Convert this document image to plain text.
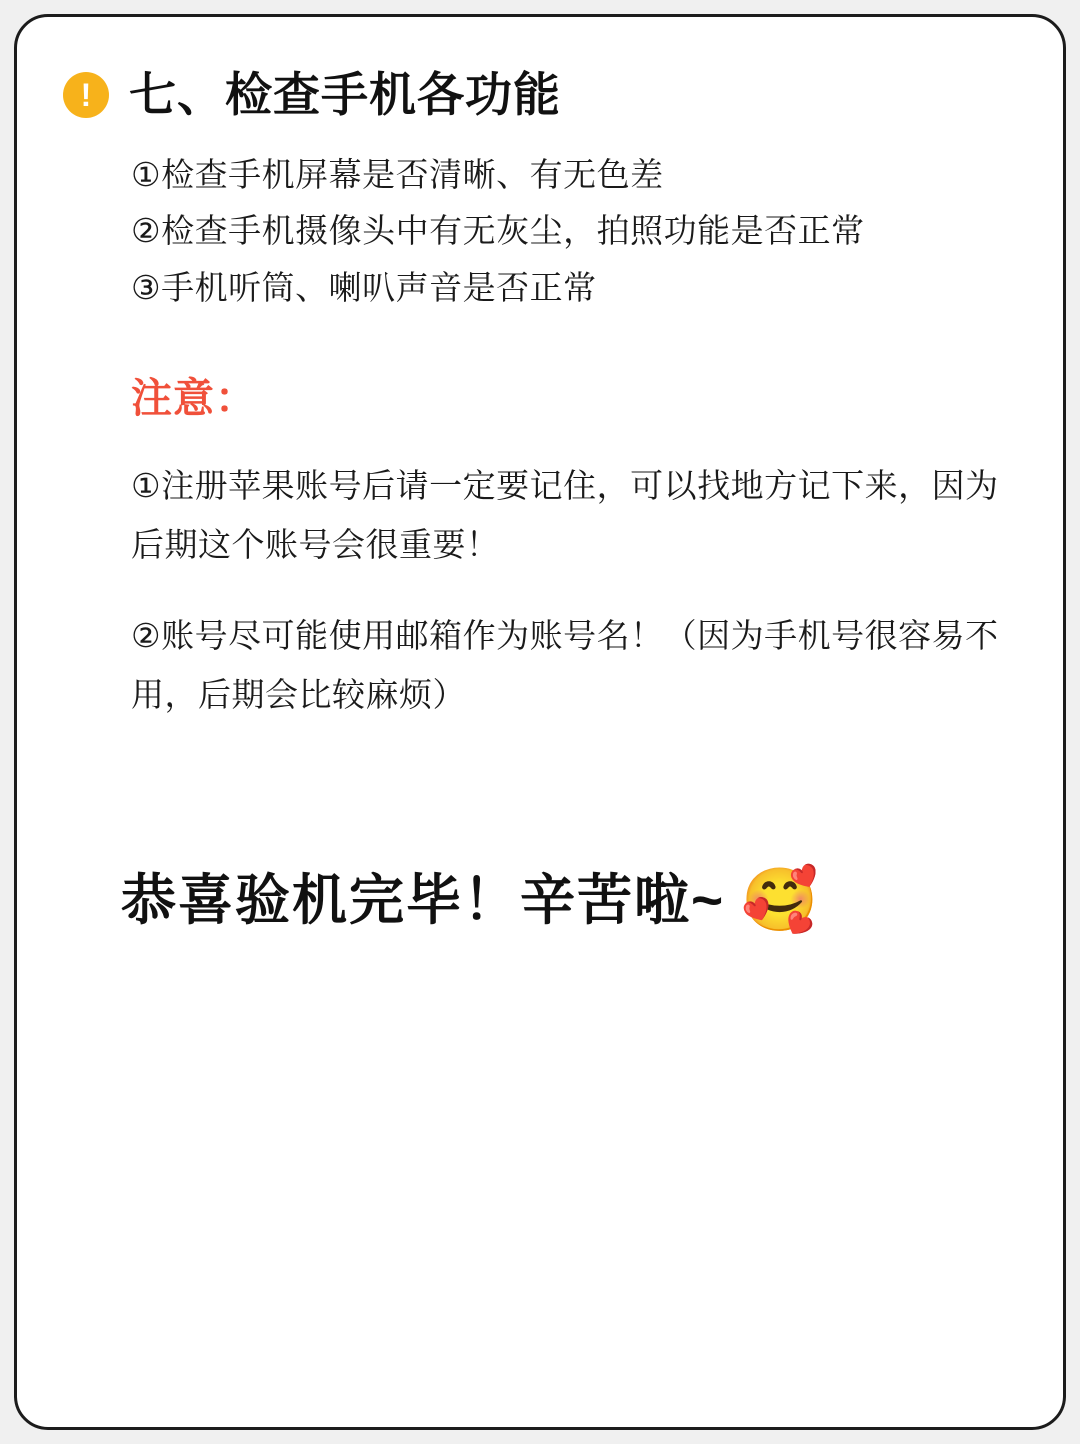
! 七、检查手机各功能
①检查手机屏幕是否清晰、有无色差
②检查手机摄像头中有无灰尘，拍照功能是否正常
③手机听筒、喇叭声音是否正常
注意：

①注册苹果账号后请一定要记住，可以找地方记下来，因为后期这个账号会很重要！

②账号尽可能使用邮箱作为账号名！（因为手机号很容易不用，后期会比较麻烦）

恭喜验机完毕！辛苦啦~ 🥰
